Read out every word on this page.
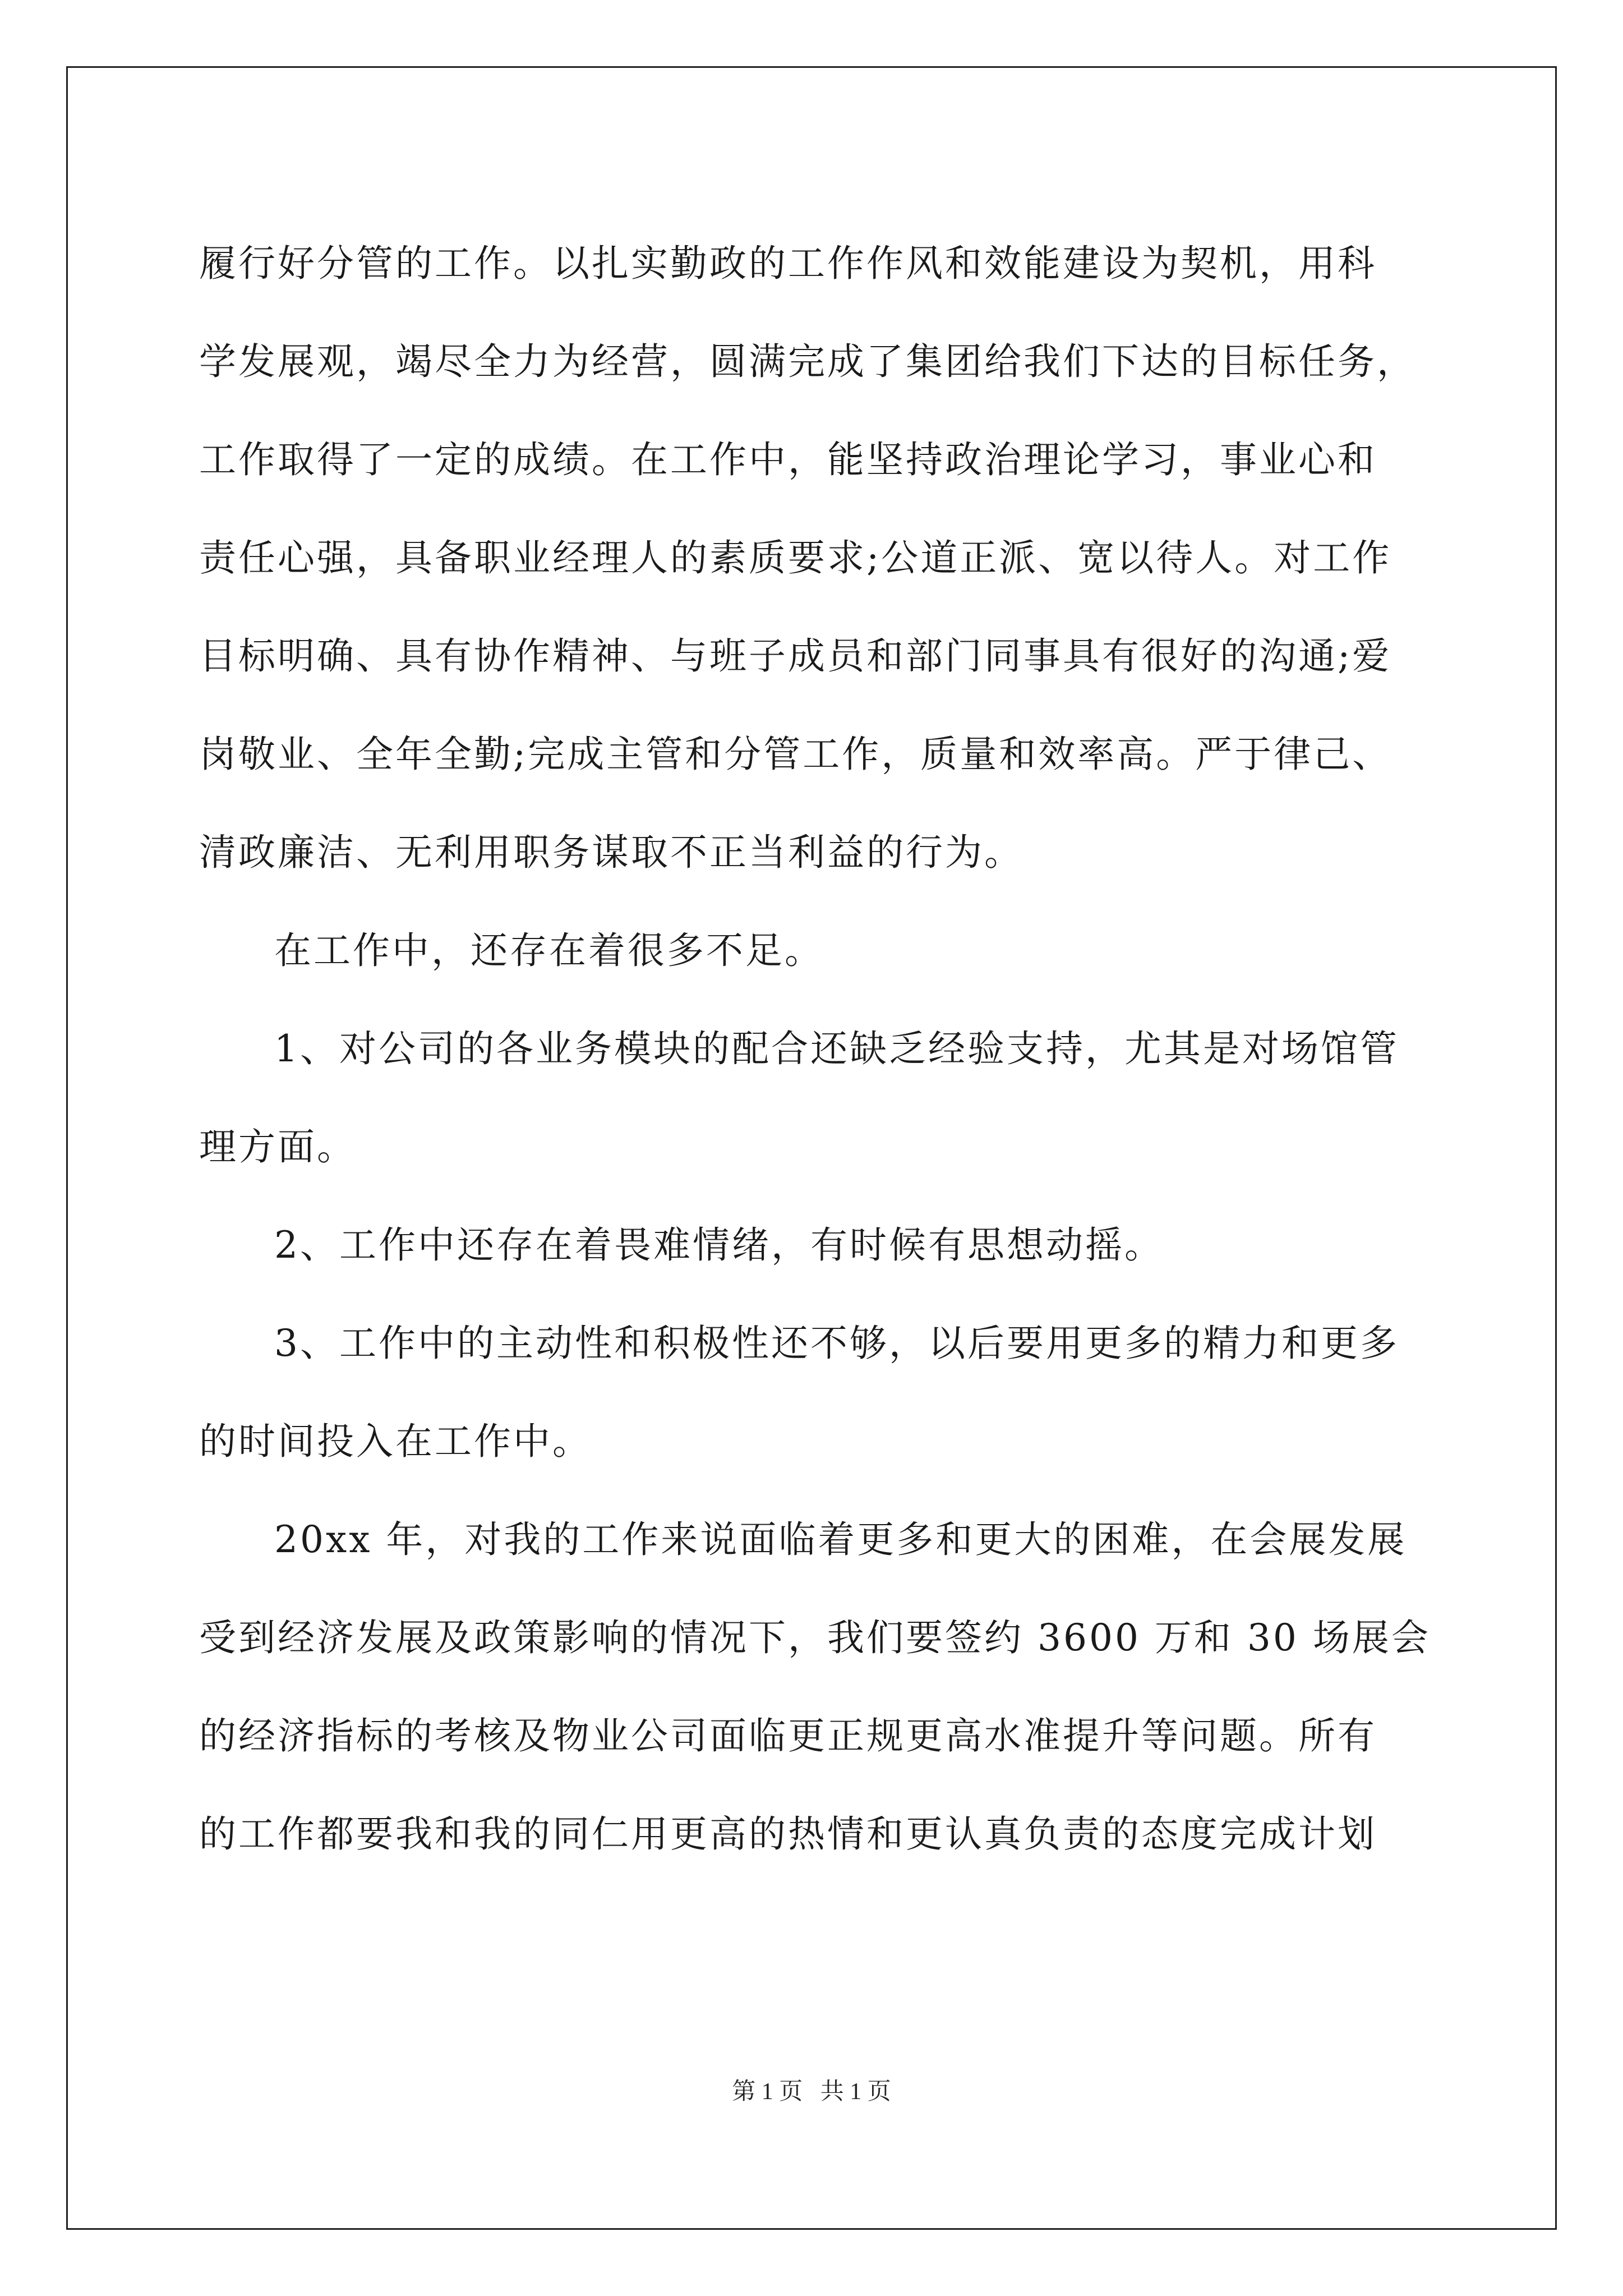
履行好分管的工作。以扎实勤政的工作作风和效能建设为契机，用科
学发展观，竭尽全力为经营，圆满完成了集团给我们下达的目标任务，
工作取得了一定的成绩。在工作中，能坚持政治理论学习，事业心和
责任心强，具备职业经理人的素质要求;公道正派、宽以待人。对工作
目标明确、具有协作精神、与班子成员和部门同事具有很好的沟通;爱
岗敬业、全年全勤;完成主管和分管工作，质量和效率高。严于律己、
清政廉洁、无利用职务谋取不正当利益的行为。
在工作中，还存在着很多不足。
1、对公司的各业务模块的配合还缺乏经验支持，尤其是对场馆管
理方面。
2、工作中还存在着畏难情绪，有时候有思想动摇。
3、工作中的主动性和积极性还不够，以后要用更多的精力和更多
的时间投入在工作中。
20xx 年，对我的工作来说面临着更多和更大的困难，在会展发展
受到经济发展及政策影响的情况下，我们要签约 3600 万和 30 场展会
的经济指标的考核及物业公司面临更正规更高水准提升等问题。所有
的工作都要我和我的同仁用更高的热情和更认真负责的态度完成计划
第 1 页   共 1 页
